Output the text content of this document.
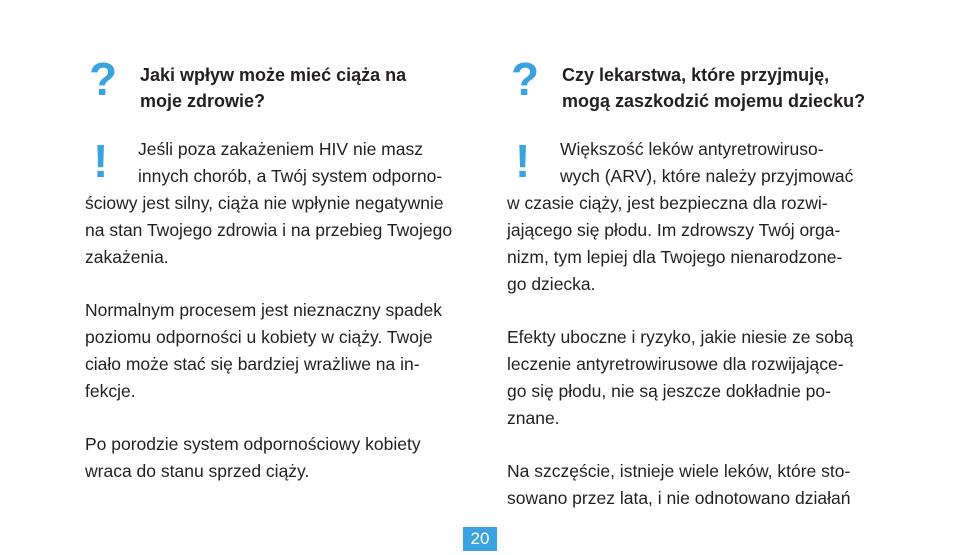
? Jaki wpływ może mieć ciąża na
moje zdrowie?

!	Jeśli poza zakażeniem HIV nie masz
innych chorób, a Twój system odporno-
ściowy jest silny, ciąża nie wpłynie negatywnie
na stan Twojego zdrowia i na przebieg Twojego
zakażenia.
Normalnym procesem jest nieznaczny spadek
poziomu odporności u kobiety w ciąży. Twoje
ciało może stać się bardziej wrażliwe na in-
fekcje.
Po porodzie system odpornościowy kobiety
wraca do stanu sprzed ciąży.
? Czy lekarstwa, które przyjmuję,
mogą zaszkodzić mojemu dziecku?

!	Większość leków antyretrowiruso-
wych (ARV), które należy przyjmować
w czasie ciąży, jest bezpieczna dla rozwi-
jającego się płodu. Im zdrowszy Twój orga-
nizm, tym lepiej dla Twojego nienarodzone-
go dziecka.
Efekty uboczne i ryzyko, jakie niesie ze sobą
leczenie antyretrowirusowe dla rozwijające-
go się płodu, nie są jeszcze dokładnie po-
znane.
Na szczęście, istnieje wiele leków, które sto-
sowano przez lata, i nie odnotowano działań
20
